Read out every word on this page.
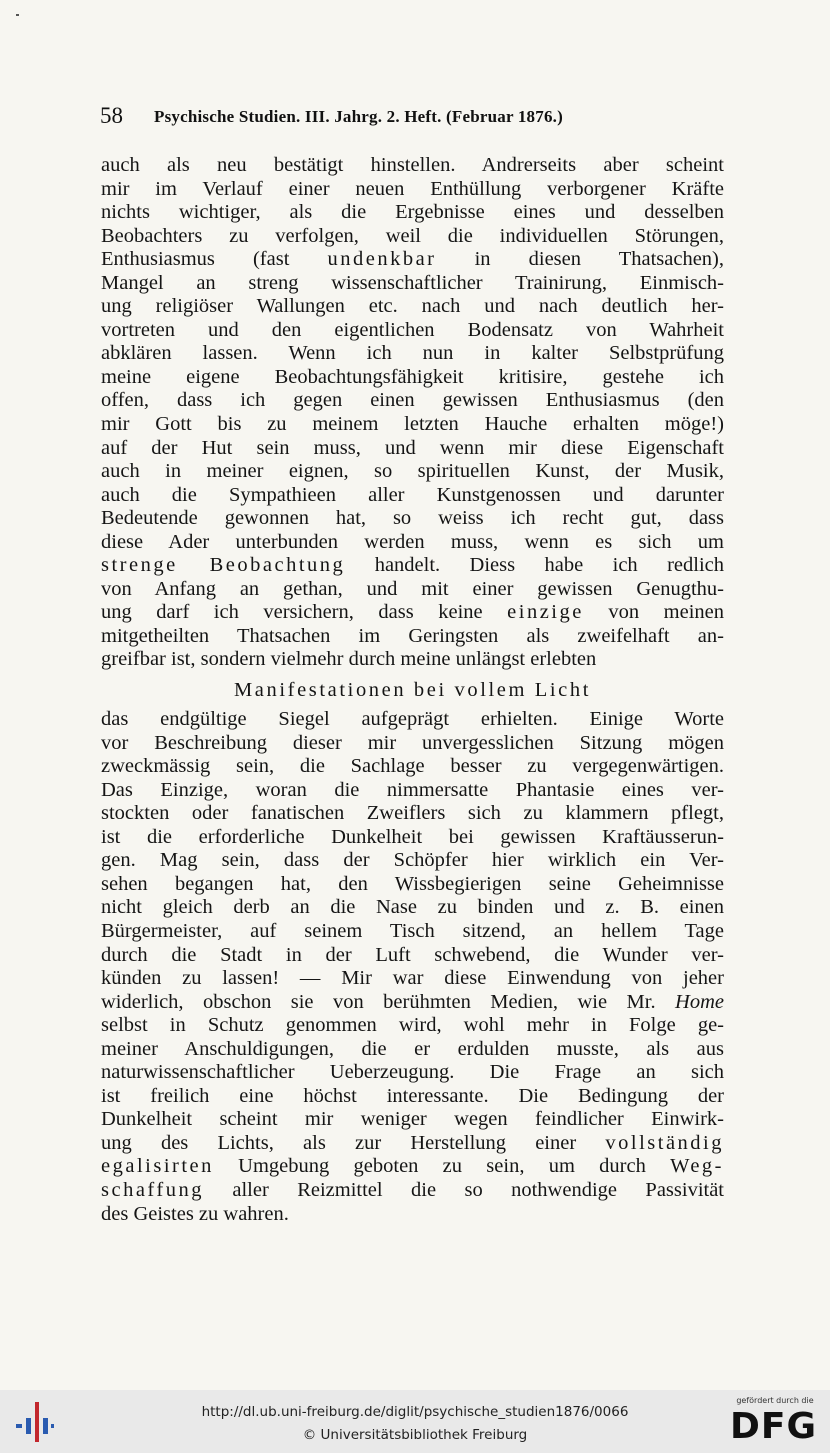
58 Psychische Studien. III. Jahrg. 2. Heft. (Februar 1876.)
auch als neu bestätigt hinstellen. Andrerseits aber scheint
mir im Verlauf einer neuen Enthüllung verborgener Kräfte
nichts wichtiger, als die Ergebnisse eines und desselben
Beobachters zu verfolgen, weil die individuellen Störungen,
Enthusiasmus (fast undenkbar in diesen Thatsachen),
Mangel an streng wissenschaftlicher Trainirung, Einmisch-
ung religiöser Wallungen etc. nach und nach deutlich her-
vortreten und den eigentlichen Bodensatz von Wahrheit
abklären lassen. Wenn ich nun in kalter Selbstprüfung
meine eigene Beobachtungsfähigkeit kritisire, gestehe ich
offen, dass ich gegen einen gewissen Enthusiasmus (den
mir Gott bis zu meinem letzten Hauche erhalten möge!)
auf der Hut sein muss, und wenn mir diese Eigenschaft
auch in meiner eignen, so spirituellen Kunst, der Musik,
auch die Sympathieen aller Kunstgenossen und darunter
Bedeutende gewonnen hat, so weiss ich recht gut, dass
diese Ader unterbunden werden muss, wenn es sich um
strenge Beobachtung handelt. Diess habe ich redlich
von Anfang an gethan, und mit einer gewissen Genugthu-
ung darf ich versichern, dass keine einzige von meinen
mitgetheilten Thatsachen im Geringsten als zweifelhaft an-
greifbar ist, sondern vielmehr durch meine unlängst erlebten
Manifestationen bei vollem Licht
das endgültige Siegel aufgeprägt erhielten. Einige Worte
vor Beschreibung dieser mir unvergesslichen Sitzung mögen
zweckmässig sein, die Sachlage besser zu vergegenwärtigen.
Das Einzige, woran die nimmersatte Phantasie eines ver-
stockten oder fanatischen Zweiflers sich zu klammern pflegt,
ist die erforderliche Dunkelheit bei gewissen Kraftäusserun-
gen. Mag sein, dass der Schöpfer hier wirklich ein Ver-
sehen begangen hat, den Wissbegierigen seine Geheimnisse
nicht gleich derb an die Nase zu binden und z. B. einen
Bürgermeister, auf seinem Tisch sitzend, an hellem Tage
durch die Stadt in der Luft schwebend, die Wunder ver-
künden zu lassen! — Mir war diese Einwendung von jeher
widerlich, obschon sie von berühmten Medien, wie Mr. Home
selbst in Schutz genommen wird, wohl mehr in Folge ge-
meiner Anschuldigungen, die er erdulden musste, als aus
naturwissenschaftlicher Ueberzeugung. Die Frage an sich
ist freilich eine höchst interessante. Die Bedingung der
Dunkelheit scheint mir weniger wegen feindlicher Einwirk-
ung des Lichts, als zur Herstellung einer vollständig
egalisirten Umgebung geboten zu sein, um durch Weg-
schaffung aller Reizmittel die so nothwendige Passivität
des Geistes zu wahren.
http://dl.ub.uni-freiburg.de/diglit/psychische_studien1876/0066
© Universitätsbibliothek Freiburg
gefördert durch die
DFG
